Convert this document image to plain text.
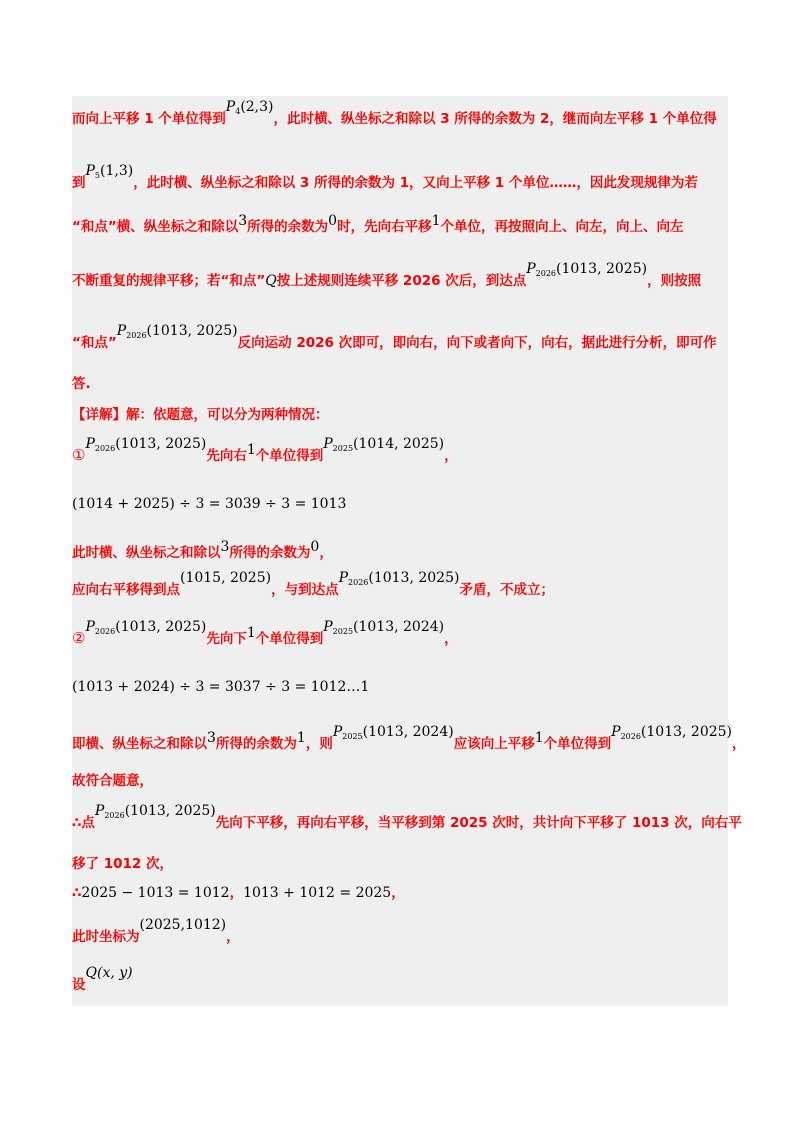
而向上平移 1 个单位得到$P_4(2,3)$，此时横、纵坐标之和除以 3 所得的余数为 2，继而向左平移 1 个单位得
到$P_5(1,3)$，此时横、纵坐标之和除以 3 所得的余数为 1，又向上平移 1 个单位……，因此发现规律为若
“和点”横、纵坐标之和除以3所得的余数为0时，先向右平移1个单位，再按照向上、向左，向上、向左
不断重复的规律平移；若“和点”Q按上述规则连续平移 2026 次后，到达点$P_{2026}(1013$, 2025)，则按照
“和点$”P_{2026}(1013$, 2025)反向运动 2026 次即可，即向右，向下或者向下，向右，据此进行分析，即可作
答.
【详解】解：依题意，可以分为两种情况：
$①P_{2026}(1013$, 2025)先向右1个单位得到$P_{2025}(1014$, 2025)，
(1014 + 2025) ÷ 3 = 3039 ÷ 3 = 1013
此时横、纵坐标之和除以3所得的余数为0，
应向右平移得到点(1015, 2025)，与到达点$P_{2026}(1013$, 2025)矛盾，不成立；
$②P_{2026}(1013$, 2025)先向下1个单位得到$P_{2025}(1013$, 2024)，
(1013 + 2024) ÷ 3 = 3037 ÷ 3 = 1012…1
即横、纵坐标之和除以3所得的余数为1，则$P_{2025}(1013$, 2024)应该向上平移1个单位得到$P_{2026}(1013$, 2025)，
故符合题意，
∴点$P_{2026}(1013$, 2025)先向下平移，再向右平移，当平移到第 2025 次时，共计向下平移了 1013 次，向右平
移了 1012 次，
∴2025 − 1013 = 1012，1013 + 1012 = 2025，
此时坐标为(2025,1012)，
设Q(x, y)
